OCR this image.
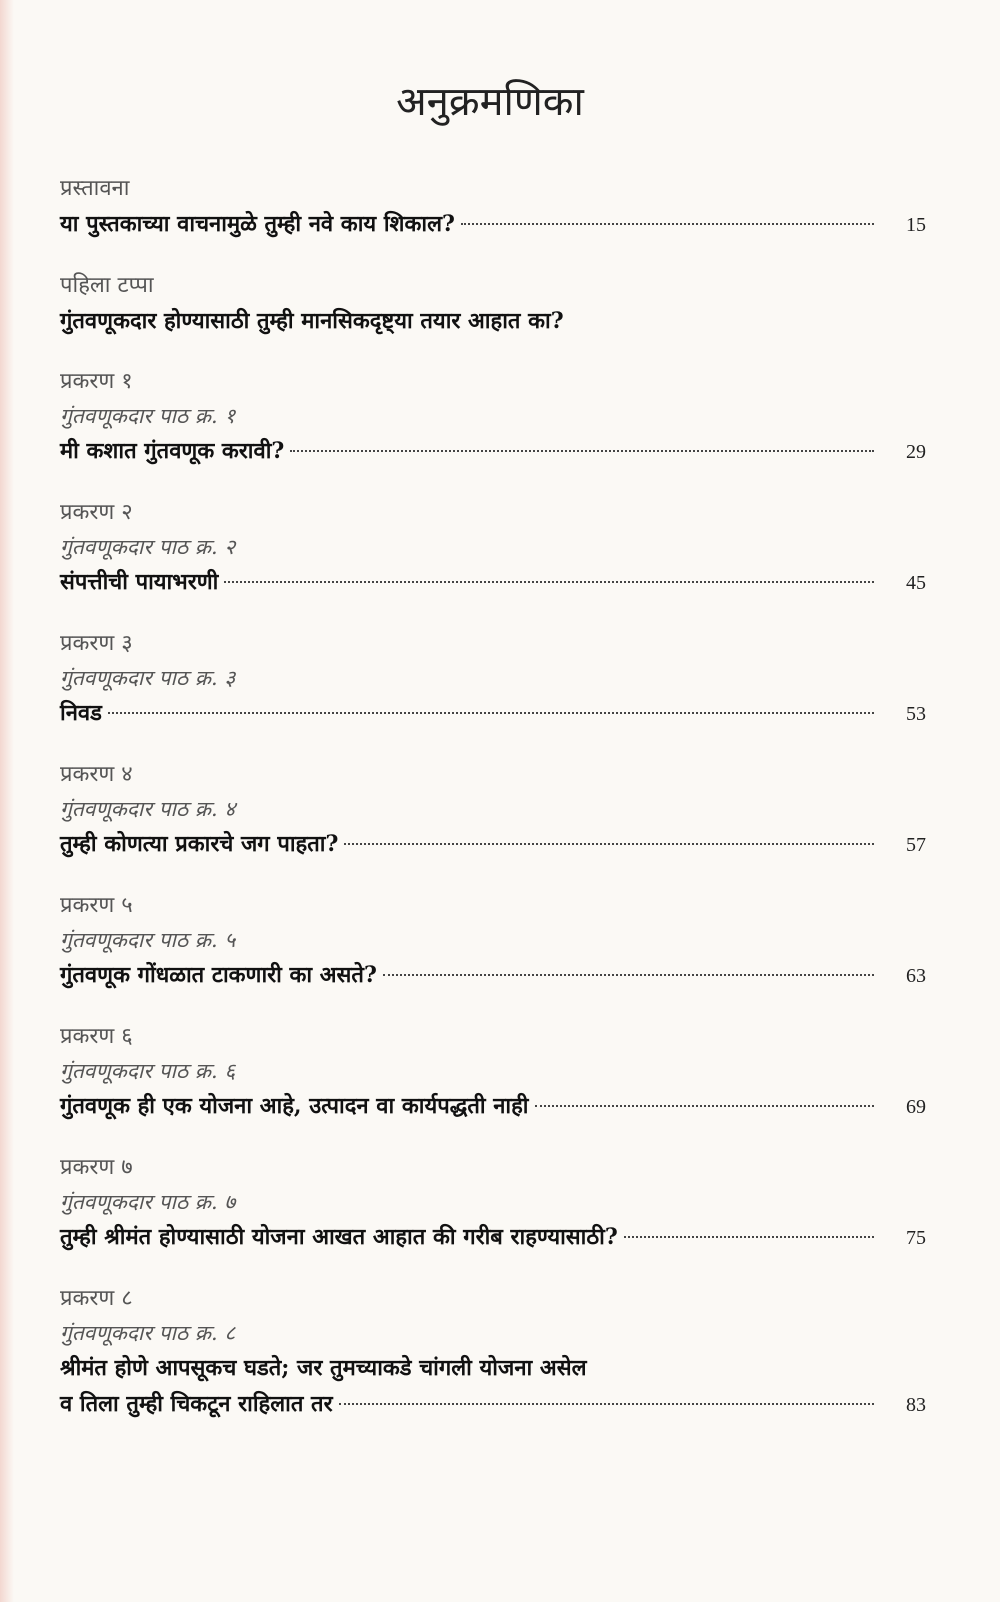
अनुक्रमणिका
प्रस्तावना
या पुस्तकाच्या वाचनामुळे तुम्ही नवे काय शिकाल?	15
पहिला टप्पा
गुंतवणूकदार होण्यासाठी तुम्ही मानसिकदृष्ट्या तयार आहात का?
प्रकरण १
गुंतवणूकदार पाठ क्र. १
मी कशात गुंतवणूक करावी?	29
प्रकरण २
गुंतवणूकदार पाठ क्र. २
संपत्तीची पायाभरणी	45
प्रकरण ३
गुंतवणूकदार पाठ क्र. ३
निवड	53
प्रकरण ४
गुंतवणूकदार पाठ क्र. ४
तुम्ही कोणत्या प्रकारचे जग पाहता?	57
प्रकरण ५
गुंतवणूकदार पाठ क्र. ५
गुंतवणूक गोंधळात टाकणारी का असते?	63
प्रकरण ६
गुंतवणूकदार पाठ क्र. ६
गुंतवणूक ही एक योजना आहे, उत्पादन वा कार्यपद्धती नाही	69
प्रकरण ७
गुंतवणूकदार पाठ क्र. ७
तुम्ही श्रीमंत होण्यासाठी योजना आखत आहात की गरीब राहण्यासाठी?	75
प्रकरण ८
गुंतवणूकदार पाठ क्र. ८
श्रीमंत होणे आपसूकच घडते; जर तुमच्याकडे चांगली योजना असेल
व तिला तुम्ही चिकटून राहिलात तर	83
